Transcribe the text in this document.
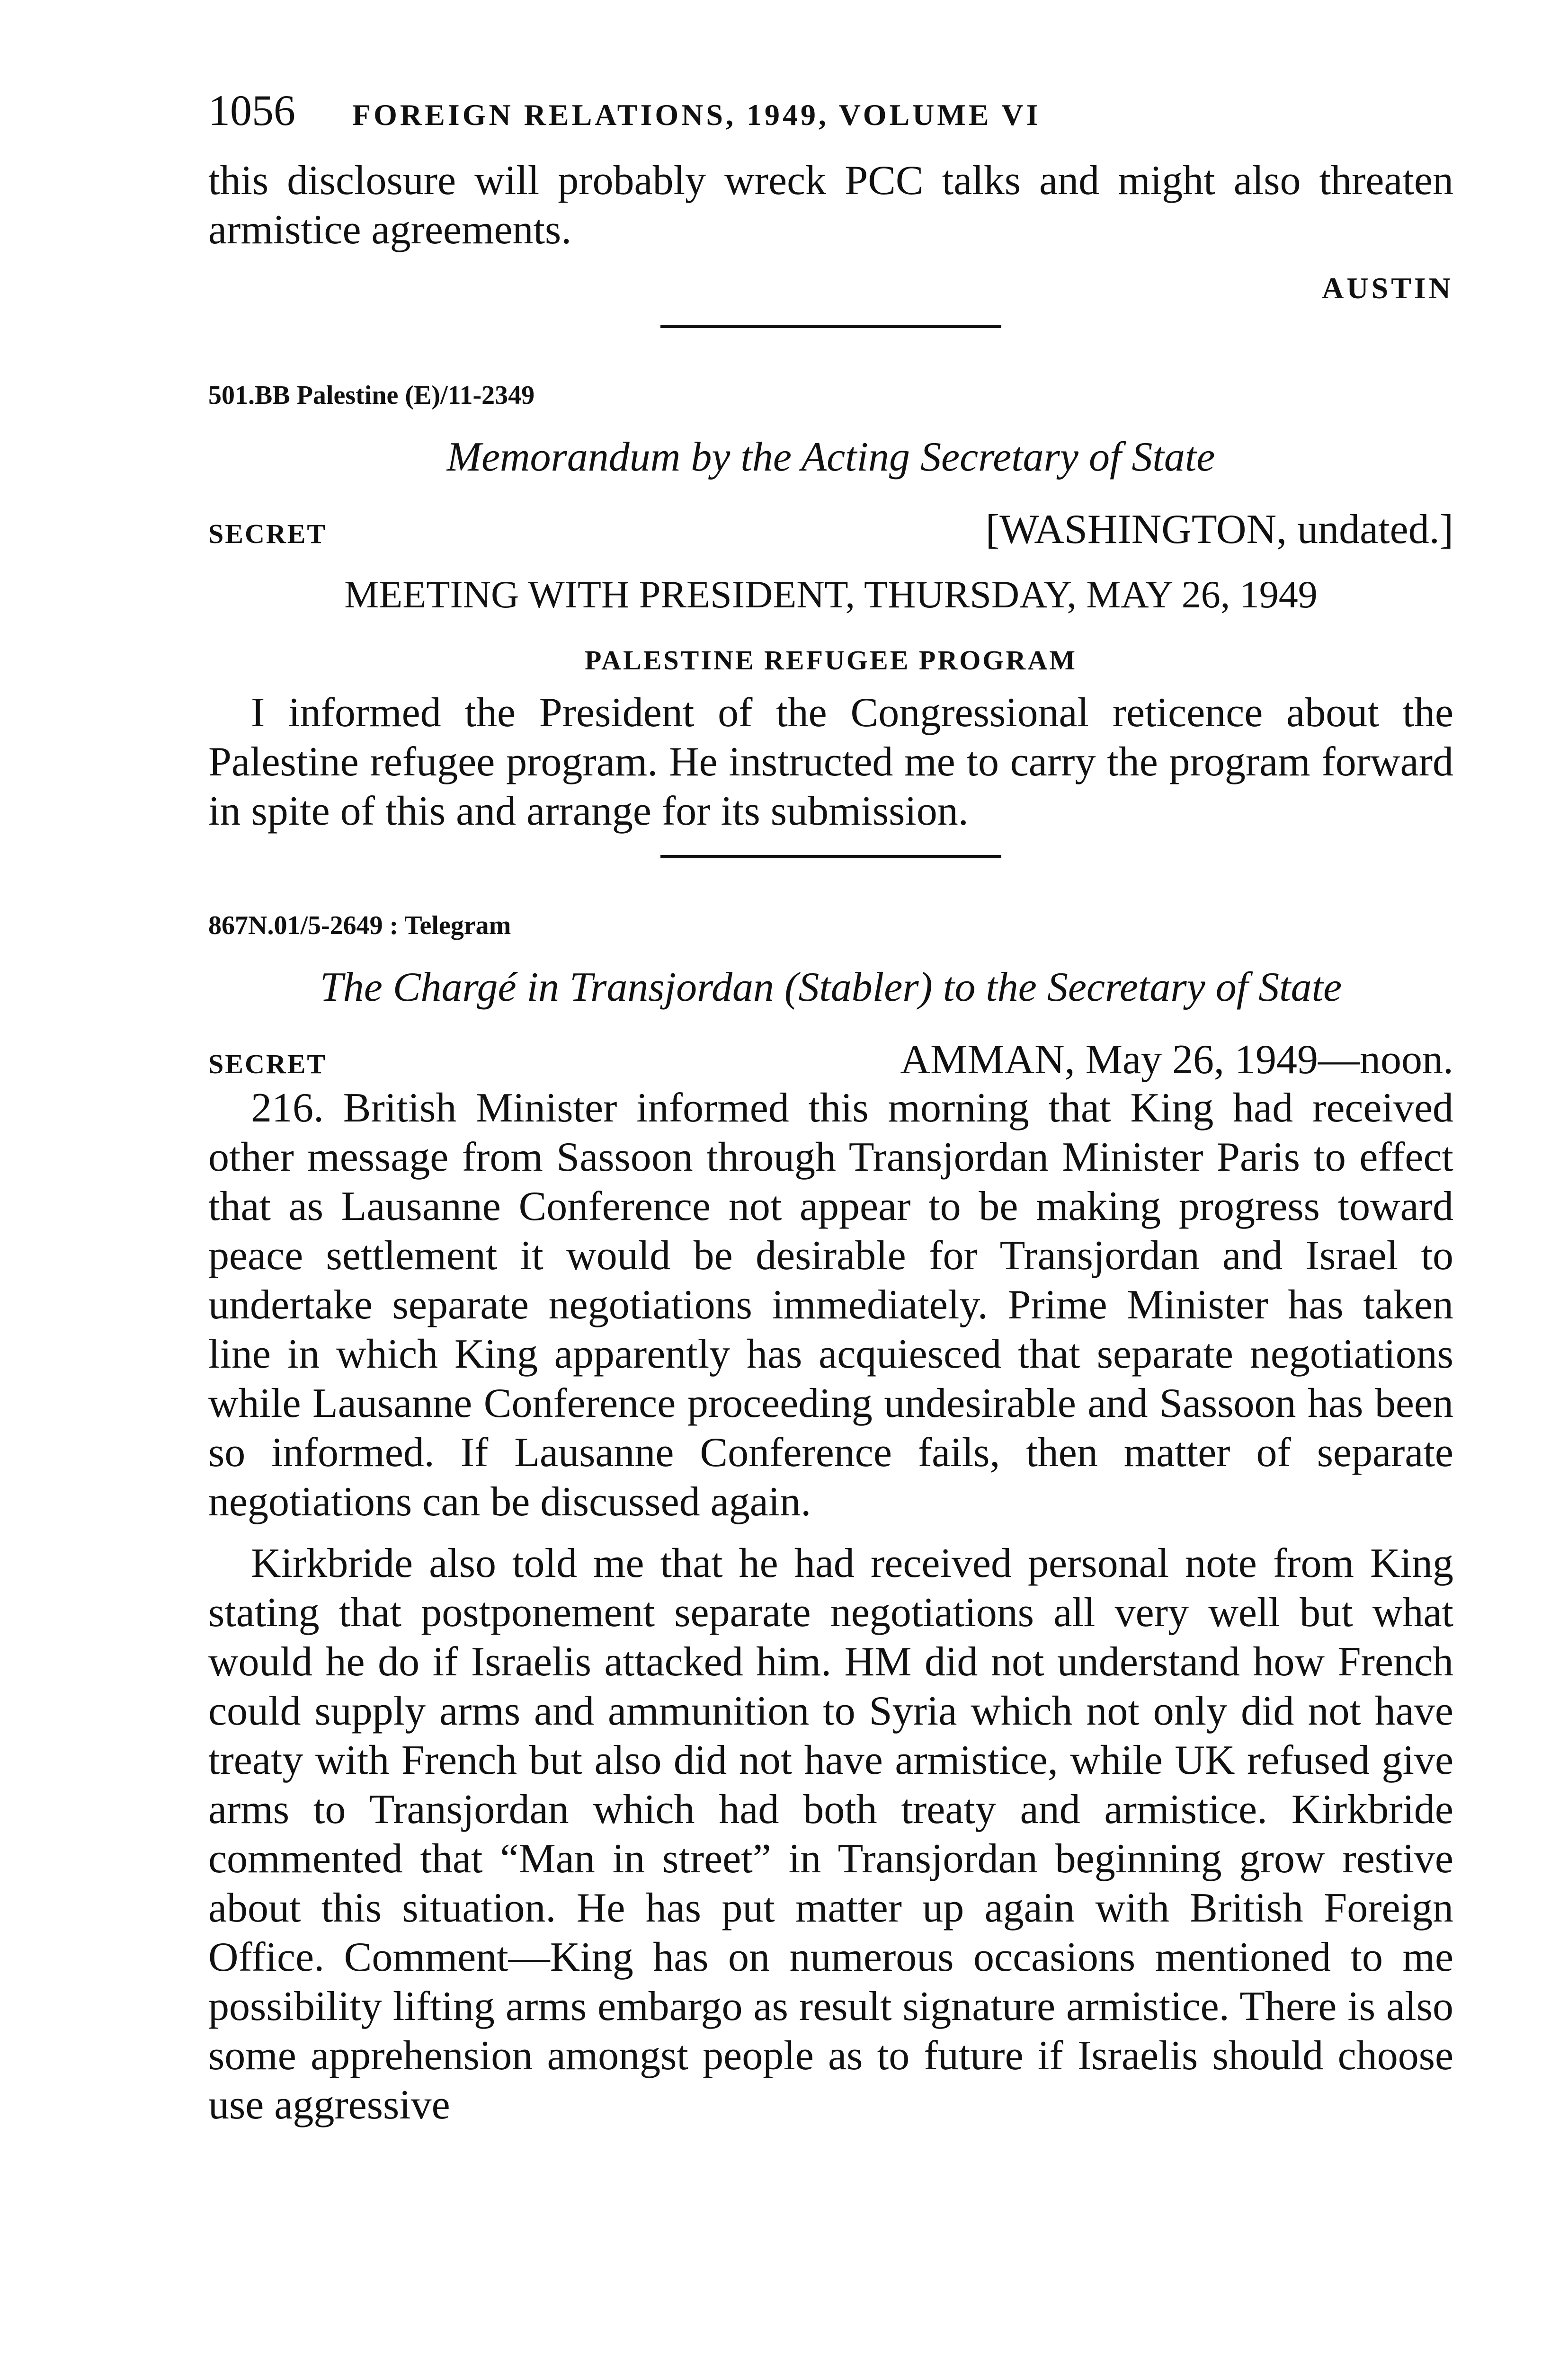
1056 FOREIGN RELATIONS, 1949, VOLUME VI

this disclosure will probably wreck PCC talks and might also threaten armistice agreements.

AUSTIN
501.BB Palestine (E)/11-2349
Memorandum by the Acting Secretary of State
SECRET	[WASHINGTON, undated.]
MEETING WITH PRESIDENT, THURSDAY, MAY 26, 1949
PALESTINE REFUGEE PROGRAM

I informed the President of the Congressional reticence about the Palestine refugee program. He instructed me to carry the program forward in spite of this and arrange for its submission.

867N.01/5-2649 : Telegram
The Chargé in Transjordan (Stabler) to the Secretary of State
SECRET	AMMAN, May 26, 1949—noon.

216. British Minister informed this morning that King had received other message from Sassoon through Transjordan Minister Paris to effect that as Lausanne Conference not appear to be making progress toward peace settlement it would be desirable for Transjordan and Israel to undertake separate negotiations immediately. Prime Minister has taken line in which King apparently has acquiesced that separate negotiations while Lausanne Conference proceeding undesirable and Sassoon has been so informed. If Lausanne Conference fails, then matter of separate negotiations can be discussed again.

Kirkbride also told me that he had received personal note from King stating that postponement separate negotiations all very well but what would he do if Israelis attacked him. HM did not understand how French could supply arms and ammunition to Syria which not only did not have treaty with French but also did not have armistice, while UK refused give arms to Transjordan which had both treaty and armistice. Kirkbride commented that “Man in street” in Transjordan beginning grow restive about this situation. He has put matter up again with British Foreign Office. Comment—King has on numerous occasions mentioned to me possibility lifting arms embargo as result signature armistice. There is also some apprehension amongst people as to future if Israelis should choose use aggressive
